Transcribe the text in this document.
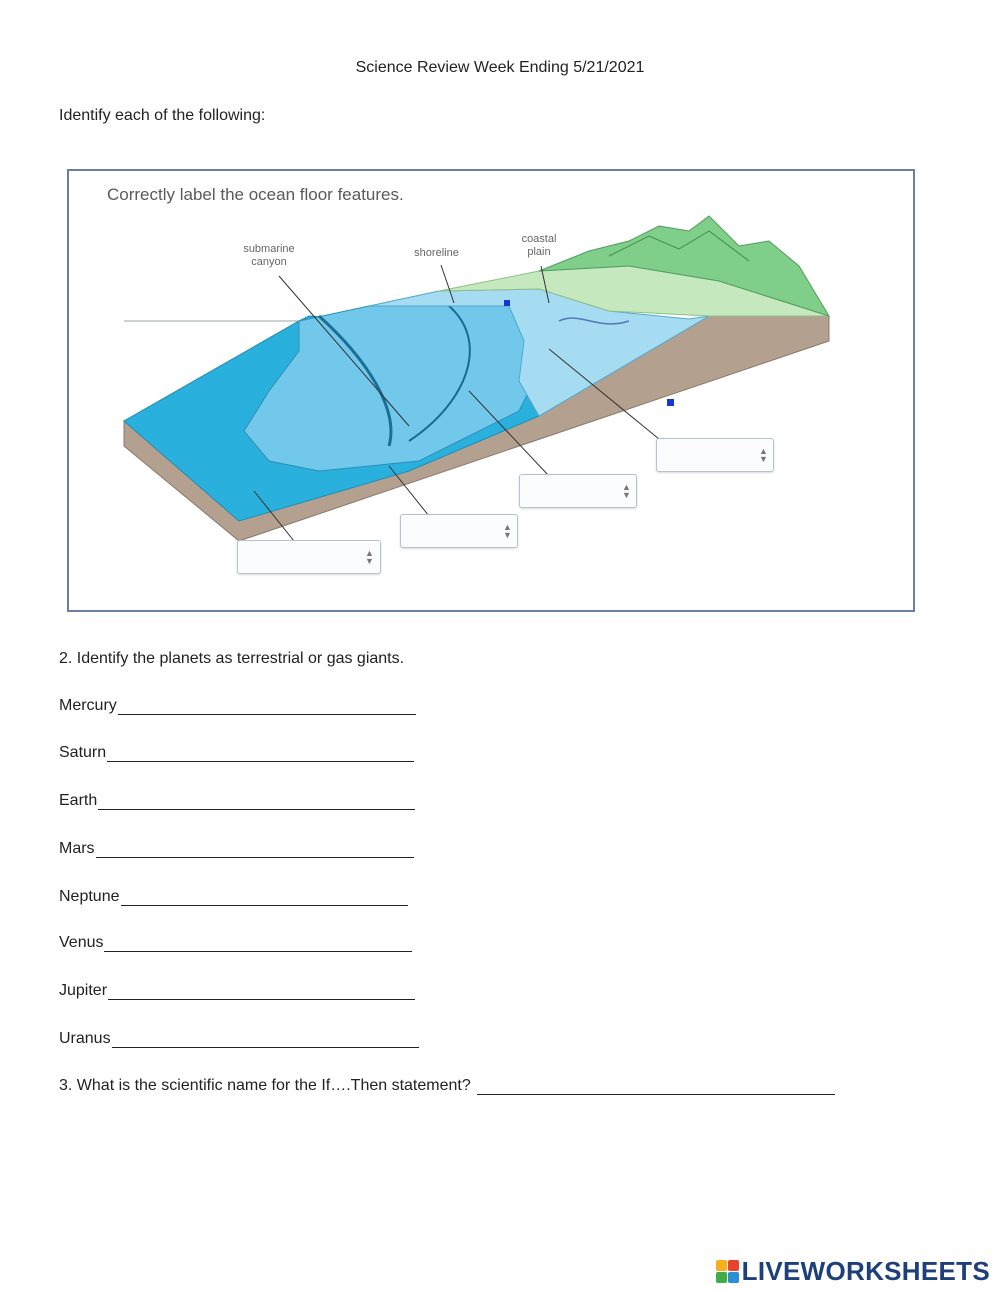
Science Review Week Ending 5/21/2021
Identify each of the following:
Correctly label the ocean floor features.
submarine canyon
shoreline
coastal plain
▲
▼
▲
▼
▲
▼
▲
▼
2. Identify the planets as terrestrial or gas giants.
Mercury
Saturn
Earth
Mars
Neptune
Venus
Jupiter
Uranus
3. What is the scientific name for the If….Then statement?
LIVEWORKSHEETS
